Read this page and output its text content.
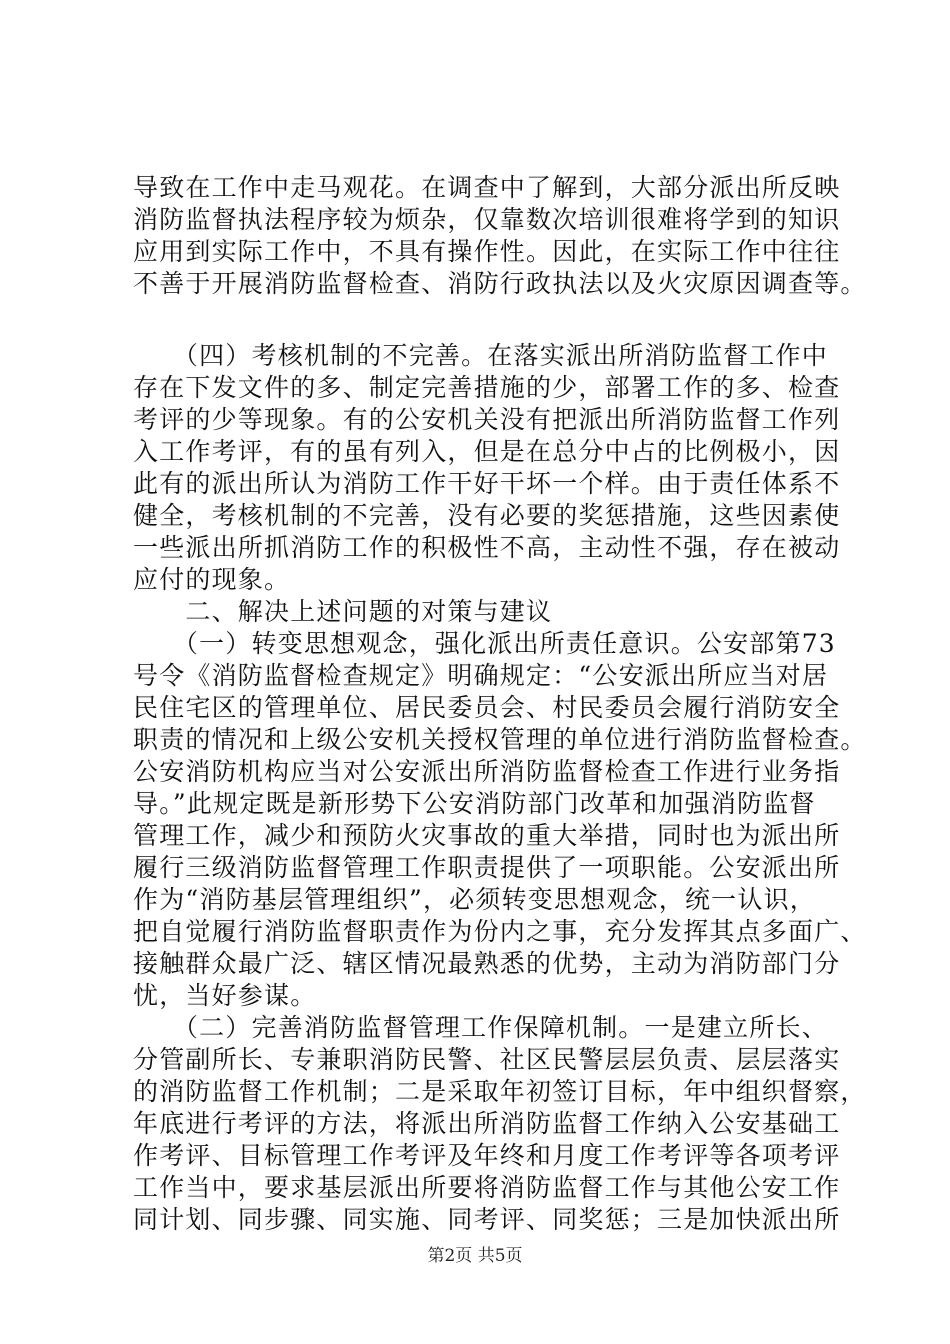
导致在工作中走马观花。在调查中了解到，大部分派出所反映
消防监督执法程序较为烦杂，仅靠数次培训很难将学到的知识
应用到实际工作中，不具有操作性。因此，在实际工作中往往
不善于开展消防监督检查、消防行政执法以及火灾原因调查等。
　　（四）考核机制的不完善。在落实派出所消防监督工作中
存在下发文件的多、制定完善措施的少，部署工作的多、检查
考评的少等现象。有的公安机关没有把派出所消防监督工作列
入工作考评，有的虽有列入，但是在总分中占的比例极小，因
此有的派出所认为消防工作干好干坏一个样。由于责任体系不
健全，考核机制的不完善，没有必要的奖惩措施，这些因素使
一些派出所抓消防工作的积极性不高，主动性不强，存在被动
应付的现象。
　　二、解决上述问题的对策与建议
　　（一）转变思想观念，强化派出所责任意识。公安部第73
号令《消防监督检查规定》明确规定：“公安派出所应当对居
民住宅区的管理单位、居民委员会、村民委员会履行消防安全
职责的情况和上级公安机关授权管理的单位进行消防监督检查。
公安消防机构应当对公安派出所消防监督检查工作进行业务指
导。”此规定既是新形势下公安消防部门改革和加强消防监督
管理工作，减少和预防火灾事故的重大举措，同时也为派出所
履行三级消防监督管理工作职责提供了一项职能。公安派出所
作为“消防基层管理组织”，必须转变思想观念，统一认识，
把自觉履行消防监督职责作为份内之事，充分发挥其点多面广、
接触群众最广泛、辖区情况最熟悉的优势，主动为消防部门分
忧，当好参谋。
　　（二）完善消防监督管理工作保障机制。一是建立所长、
分管副所长、专兼职消防民警、社区民警层层负责、层层落实
的消防监督工作机制；二是采取年初签订目标，年中组织督察，
年底进行考评的方法，将派出所消防监督工作纳入公安基础工
作考评、目标管理工作考评及年终和月度工作考评等各项考评
工作当中，要求基层派出所要将消防监督工作与其他公安工作
同计划、同步骤、同实施、同考评、同奖惩；三是加快派出所
第2页 共5页
